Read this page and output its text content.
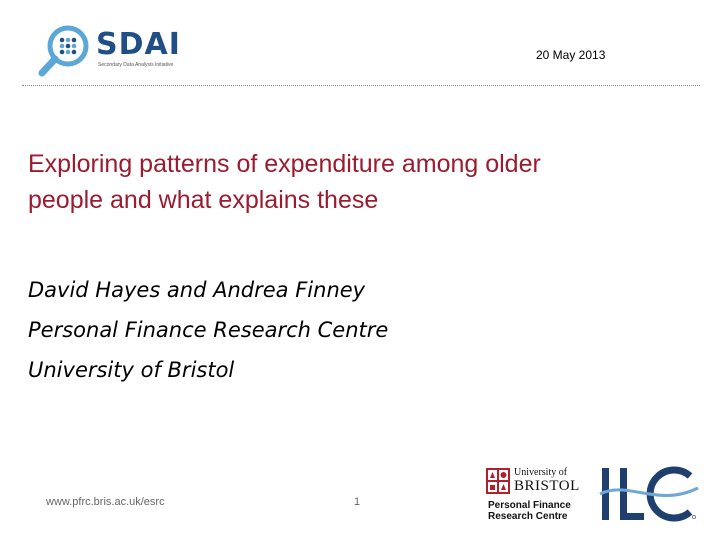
SDAI
Secondary Data Analysis Initiative
20 May 2013
Exploring patterns of expenditure among older
people and what explains these
David Hayes and Andrea Finney
Personal Finance Research Centre
University of Bristol
www.pfrc.bris.ac.uk/esrc	1
University of
BRISTOL
Personal Finance
Research Centre
